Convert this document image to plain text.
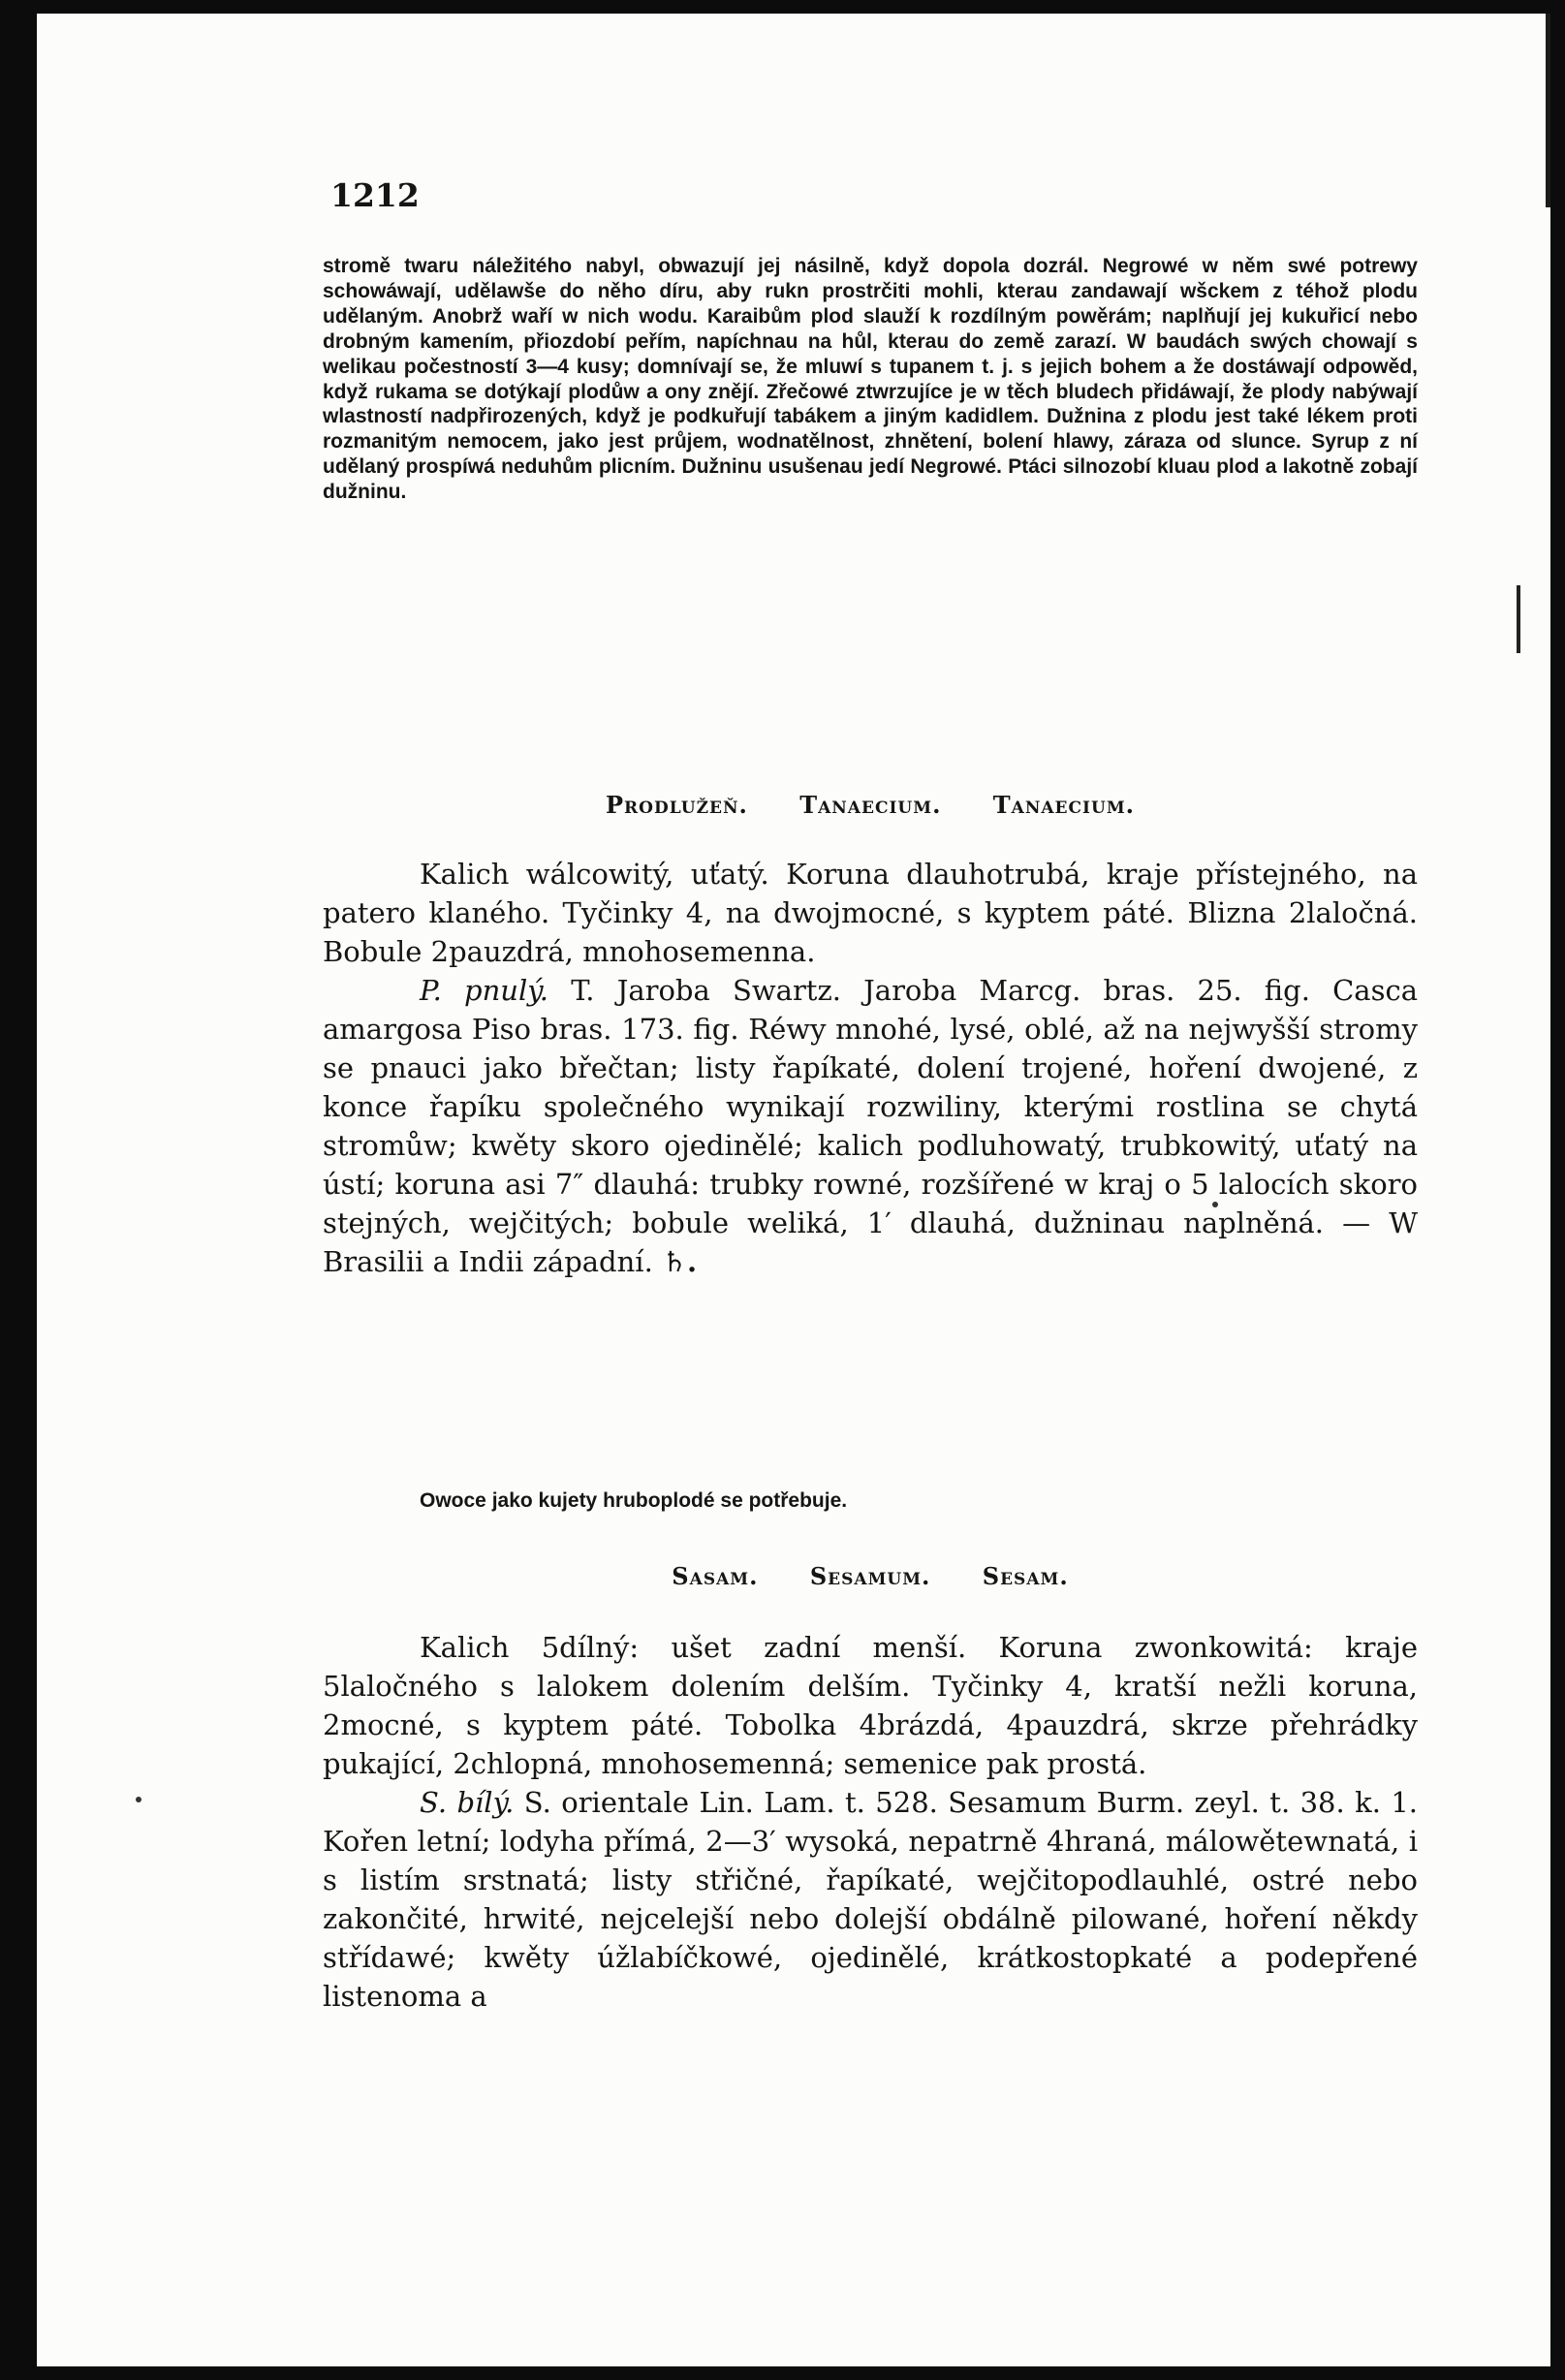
1212

stromě twaru náležitého nabyl, obwazují jej násilně, když dopola dozrál. Negrowé w něm swé potrewy schowáwají, udělawše do něho díru, aby rukn prostrčiti mohli, kterau zandawají wšckem z téhož plodu udělaným. Anobrž waří w nich wodu. Karaibům plod slauží k rozdílným powěrám; naplňují jej kukuřicí nebo drobným kamením, přiozdobí peřím, napíchnau na hůl, kterau do země zarazí. W baudách swých chowají s welikau počestností 3—4 kusy; domnívají se, že mluwí s tupanem t. j. s jejich bohem a že dostáwají odpowěd, když rukama se dotýkají plodůw a ony znějí. Zřečowé ztwrzujíce je w těch bludech přidáwají, že plody nabýwají wlastností nadpřirozených, když je podkuřují tabákem a jiným kadidlem. Dužnina z plodu jest také lékem proti rozmanitým nemocem, jako jest průjem, wodnatělnost, zhnětení, bolení hlawy, záraza od slunce. Syrup z ní udělaný prospíwá neduhům plicním. Dužninu usušenau jedí Negrowé. Ptáci silnozobí kluau plod a lakotně zobají dužninu.

Prodlužeň. Tanaecium. Tanaecium.

Kalich wálcowitý, uťatý. Koruna dlauhotrubá, kraje přístejného, na patero klaného. Tyčinky 4, na dwojmocné, s kyptem páté. Blizna 2laločná. Bobule 2pauzdrá, mnohosemenna.

P. pnulý. T. Jaroba Swartz. Jaroba Marcg. bras. 25. fig. Casca amargosa Piso bras. 173. fig. Réwy mnohé, lysé, oblé, až na nejwyšší stromy se pnauci jako břečtan; listy řapíkaté, dolení trojené, hoření dwojené, z konce řapíku společného wynikají rozwiliny, kterými rostlina se chytá stromůw; kwěty skoro ojedinělé; kalich podluhowatý, trubkowitý, uťatý na ústí; koruna asi 7″ dlauhá: trubky rowné, rozšířené w kraj o 5 lalocích skoro stejných, wejčitých; bobule weliká, 1′ dlauhá, dužninau naplněná. — W Brasilii a Indii západní. ♄.

Owoce jako kujety hruboplodé se potřebuje.
Sasam. Sesamum. Sesam.

Kalich 5dílný: ušet zadní menší. Koruna zwonkowitá: kraje 5laločného s lalokem dolením delším. Tyčinky 4, kratší nežli koruna, 2mocné, s kyptem páté. Tobolka 4brázdá, 4pauzdrá, skrze přehrádky pukající, 2chlopná, mnohosemenná; semenice pak prostá.

S. bílý. S. orientale Lin. Lam. t. 528. Sesamum Burm. zeyl. t. 38. k. 1. Kořen letní; lodyha přímá, 2—3′ wysoká, nepatrně 4hraná, málowětewnatá, i s listím srstnatá; listy střičné, řapíkaté, wejčitopodlauhlé, ostré nebo zakončité, hrwité, nejcelejší nebo dolejší obdálně pilowané, hoření někdy střídawé; kwěty úžlabíčkowé, ojedinělé, krátkostopkaté a podepřené listenoma a
